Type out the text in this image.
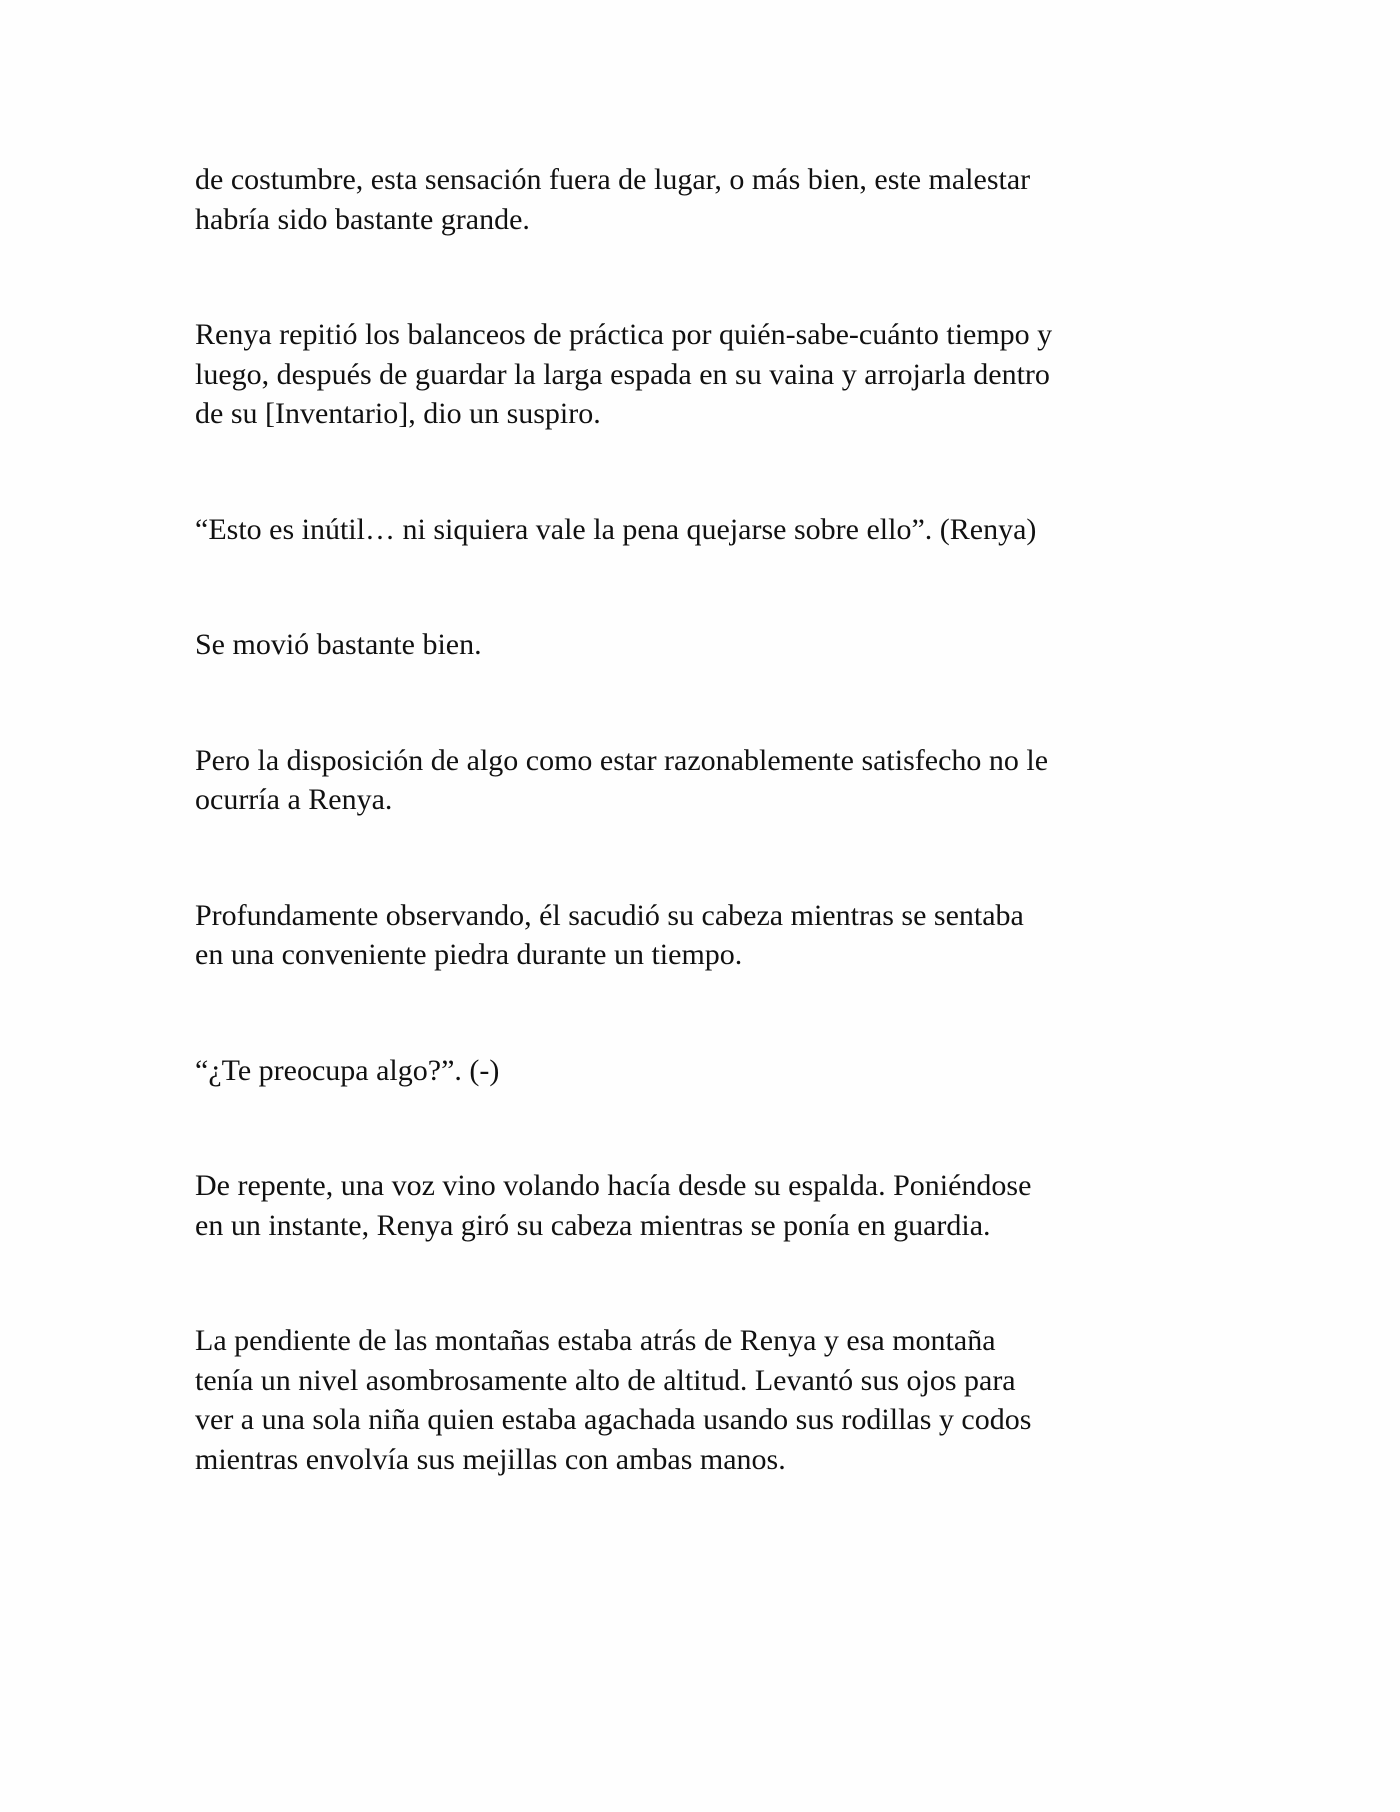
de costumbre, esta sensación fuera de lugar, o más bien, este malestar
habría sido bastante grande.

Renya repitió los balanceos de práctica por quién-sabe-cuánto tiempo y
luego, después de guardar la larga espada en su vaina y arrojarla dentro
de su [Inventario], dio un suspiro.

“Esto es inútil… ni siquiera vale la pena quejarse sobre ello”. (Renya)

Se movió bastante bien.

Pero la disposición de algo como estar razonablemente satisfecho no le
ocurría a Renya.

Profundamente observando, él sacudió su cabeza mientras se sentaba
en una conveniente piedra durante un tiempo.

“¿Te preocupa algo?”. (-)

De repente, una voz vino volando hacía desde su espalda. Poniéndose
en un instante, Renya giró su cabeza mientras se ponía en guardia.

La pendiente de las montañas estaba atrás de Renya y esa montaña
tenía un nivel asombrosamente alto de altitud. Levantó sus ojos para
ver a una sola niña quien estaba agachada usando sus rodillas y codos
mientras envolvía sus mejillas con ambas manos.
